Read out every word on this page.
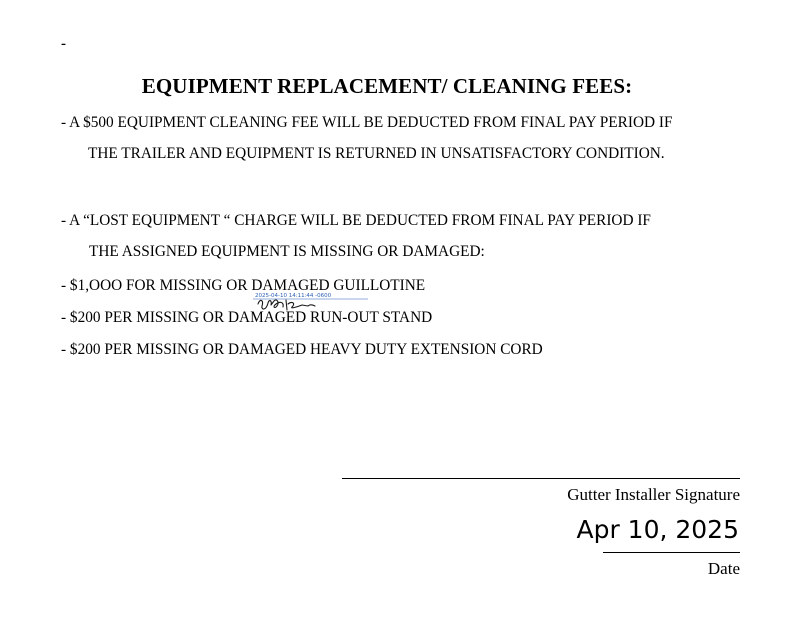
-
EQUIPMENT REPLACEMENT/ CLEANING FEES:
- A $500 EQUIPMENT CLEANING FEE WILL BE DEDUCTED FROM FINAL PAY PERIOD IF
THE TRAILER AND EQUIPMENT IS RETURNED IN UNSATISFACTORY CONDITION.
- A “LOST EQUIPMENT “ CHARGE WILL BE DEDUCTED FROM FINAL PAY PERIOD IF
THE ASSIGNED EQUIPMENT IS MISSING OR DAMAGED:
- $1,OOO FOR MISSING OR DAMAGED GUILLOTINE
- $200 PER MISSING OR DAMAGED RUN-OUT STAND
- $200 PER MISSING OR DAMAGED HEAVY DUTY EXTENSION CORD
2025-04-10 14:11:44 -0600
Gutter Installer Signature
Apr 10, 2025
Date
